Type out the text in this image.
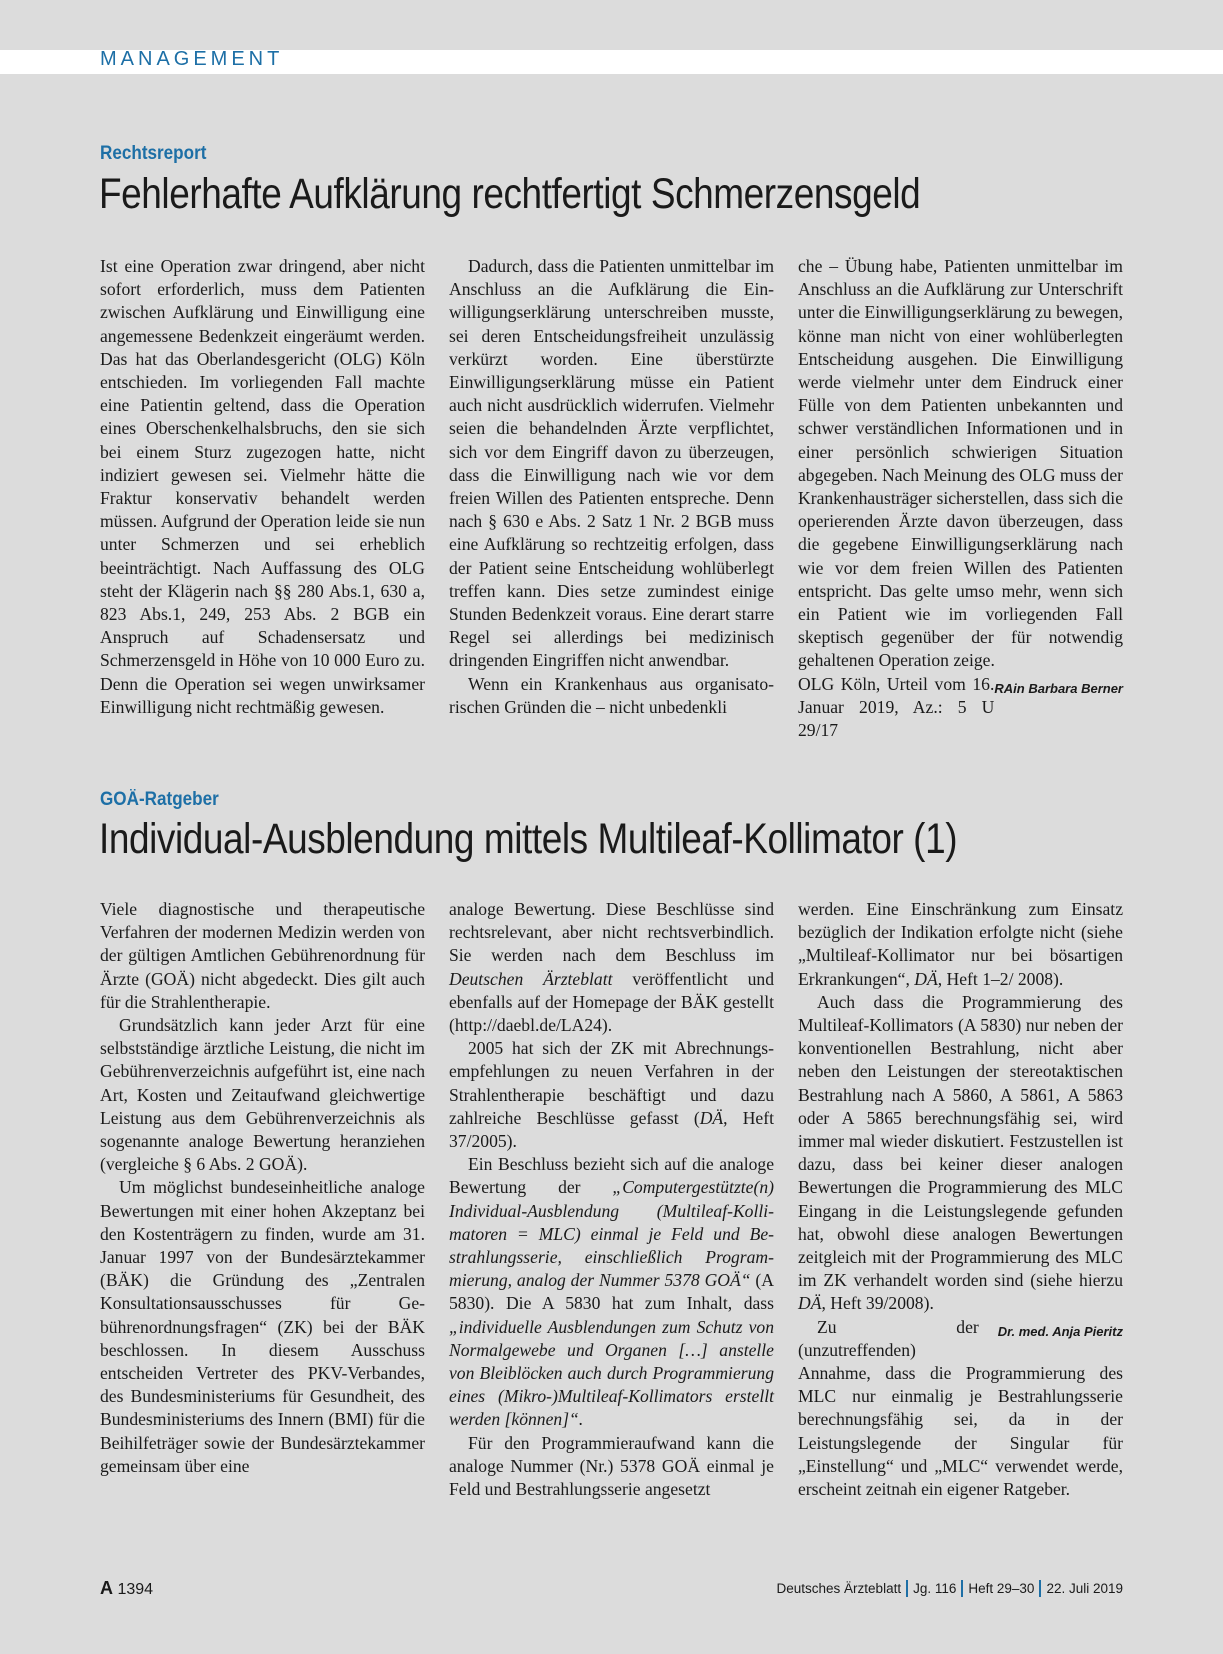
MANAGEMENT
Rechtsreport
Fehlerhafte Aufklärung rechtfertigt Schmerzensgeld

Ist eine Operation zwar dringend, aber nicht sofort erforderlich, muss dem Patienten zwischen Aufklärung und Einwilligung eine angemessene Bedenkzeit eingeräumt werden. Das hat das Oberlandesgericht (OLG) Köln entschieden. Im vorliegenden Fall machte eine Patientin geltend, dass die Operation eines Oberschenkelhalsbruchs, den sie sich bei einem Sturz zugezogen hatte, nicht indiziert gewesen sei. Vielmehr hätte die Fraktur konservativ behandelt werden müssen. Aufgrund der Operation leide sie nun unter Schmerzen und sei erheblich beeinträchtigt. Nach Auffassung des OLG steht der Klägerin nach §§ 280 Abs.1, 630 a, 823 Abs.1, 249, 253 Abs. 2 BGB ein Anspruch auf Schadensersatz und Schmerzensgeld in Höhe von 10 000 Euro zu. Denn die Operation sei wegen unwirksamer Einwilligung nicht rechtmäßig gewesen.

Dadurch, dass die Patienten unmittelbar im Anschluss an die Aufklärung die Einwilligungserklärung unterschreiben musste, sei deren Entscheidungsfreiheit unzulässig verkürzt worden. Eine überstürzte Einwilligungserklärung müsse ein Patient auch nicht ausdrücklich widerrufen. Vielmehr seien die behandelnden Ärzte verpflichtet, sich vor dem Eingriff davon zu überzeugen, dass die Einwilligung nach wie vor dem freien Willen des Patienten entspreche. Denn nach § 630 e Abs. 2 Satz 1 Nr. 2 BGB muss eine Aufklärung so rechtzeitig erfolgen, dass der Patient seine Entscheidung wohlüberlegt treffen kann. Dies setze zumindest einige Stunden Bedenkzeit voraus. Eine derart starre Regel sei allerdings bei medizinisch dringenden Eingriffen nicht anwendbar.

Wenn ein Krankenhaus aus organisatorischen Gründen die – nicht unbedenkli

che – Übung habe, Patienten unmittelbar im Anschluss an die Aufklärung zur Unterschrift unter die Einwilligungserklärung zu bewegen, könne man nicht von einer wohlüberlegten Entscheidung ausgehen. Die Einwilligung werde vielmehr unter dem Eindruck einer Fülle von dem Patienten unbekannten und schwer verständlichen Informationen und in einer persönlich schwierigen Situation abgegeben. Nach Meinung des OLG muss der Krankenhausträger sicherstellen, dass sich die operierenden Ärzte davon überzeugen, dass die gegebene Einwilligungserklärung nach wie vor dem freien Willen des Patienten entspricht. Das gelte umso mehr, wenn sich ein Patient wie im vorliegenden Fall skeptisch gegenüber der für notwendig gehaltenen Operation zeige.

RAin Barbara Berner
OLG Köln, Urteil vom 16. Januar 2019, Az.: 5 U 29/17

GOÄ-Ratgeber
Individual-Ausblendung mittels Multileaf-Kollimator (1)

Viele diagnostische und therapeutische Verfahren der modernen Medizin werden von der gültigen Amtlichen Gebührenordnung für Ärzte (GOÄ) nicht abgedeckt. Dies gilt auch für die Strahlentherapie.

Grundsätzlich kann jeder Arzt für eine selbstständige ärztliche Leistung, die nicht im Gebührenverzeichnis aufgeführt ist, eine nach Art, Kosten und Zeitaufwand gleichwertige Leistung aus dem Gebührenverzeichnis als sogenannte analoge Bewertung heranziehen (vergleiche § 6 Abs. 2 GOÄ).

Um möglichst bundeseinheitliche analoge Bewertungen mit einer hohen Akzeptanz bei den Kostenträgern zu finden, wurde am 31. Januar 1997 von der Bundesärztekammer (BÄK) die Gründung des „Zentralen Konsultationsausschusses für Gebührenordnungsfragen“ (ZK) bei der BÄK beschlossen. In diesem Ausschuss entscheiden Vertreter des PKV-Verbandes, des Bundesministeriums für Gesundheit, des Bundesministeriums des Innern (BMI) für die Beihilfeträger sowie der Bundesärztekammer gemeinsam über eine

analoge Bewertung. Diese Beschlüsse sind rechtsrelevant, aber nicht rechtsverbindlich. Sie werden nach dem Beschluss im Deutschen Ärzteblatt veröffentlicht und ebenfalls auf der Homepage der BÄK gestellt (http://daebl.de/LA24).

2005 hat sich der ZK mit Abrechnungsempfehlungen zu neuen Verfahren in der Strahlentherapie beschäftigt und dazu zahlreiche Beschlüsse gefasst (DÄ, Heft 37/2005).

Ein Beschluss bezieht sich auf die analoge Bewertung der „Computergestützte(n) Individual-Ausblendung (Multileaf-Kollimatoren = MLC) einmal je Feld und Bestrahlungsserie, einschließlich Programmierung, analog der Nummer 5378 GOÄ“ (A 5830). Die A 5830 hat zum Inhalt, dass „individuelle Ausblendungen zum Schutz von Normalgewebe und Organen […] anstelle von Bleiblöcken auch durch Programmierung eines (Mikro-)Multileaf-Kollimators erstellt werden [können]“.

Für den Programmieraufwand kann die analoge Nummer (Nr.) 5378 GOÄ einmal je Feld und Bestrahlungsserie angesetzt

werden. Eine Einschränkung zum Einsatz bezüglich der Indikation erfolgte nicht (siehe „Multileaf-Kollimator nur bei bösartigen Erkrankungen“, DÄ, Heft 1–2/ 2008).

Auch dass die Programmierung des Multileaf-Kollimators (A 5830) nur neben der konventionellen Bestrahlung, nicht aber neben den Leistungen der stereotaktischen Bestrahlung nach A 5860, A 5861, A 5863 oder A 5865 berechnungsfähig sei, wird immer mal wieder diskutiert. Festzustellen ist dazu, dass bei keiner dieser analogen Bewertungen die Programmierung des MLC Eingang in die Leistungslegende gefunden hat, obwohl diese analogen Bewertungen zeitgleich mit der Programmierung des MLC im ZK verhandelt worden sind (siehe hierzu DÄ, Heft 39/2008).

Dr. med. Anja Pieritz
Zu der (unzutreffenden) Annahme, dass die Programmierung des MLC nur einmalig je Bestrahlungsserie berechnungsfähig sei, da in der Leistungslegende der Singular für „Einstellung“ und „MLC“ verwendet werde, erscheint zeitnah ein eigener Ratgeber.

A 1394	Deutsches Ärzteblatt Jg. 116 Heft 29–30 22. Juli 2019
